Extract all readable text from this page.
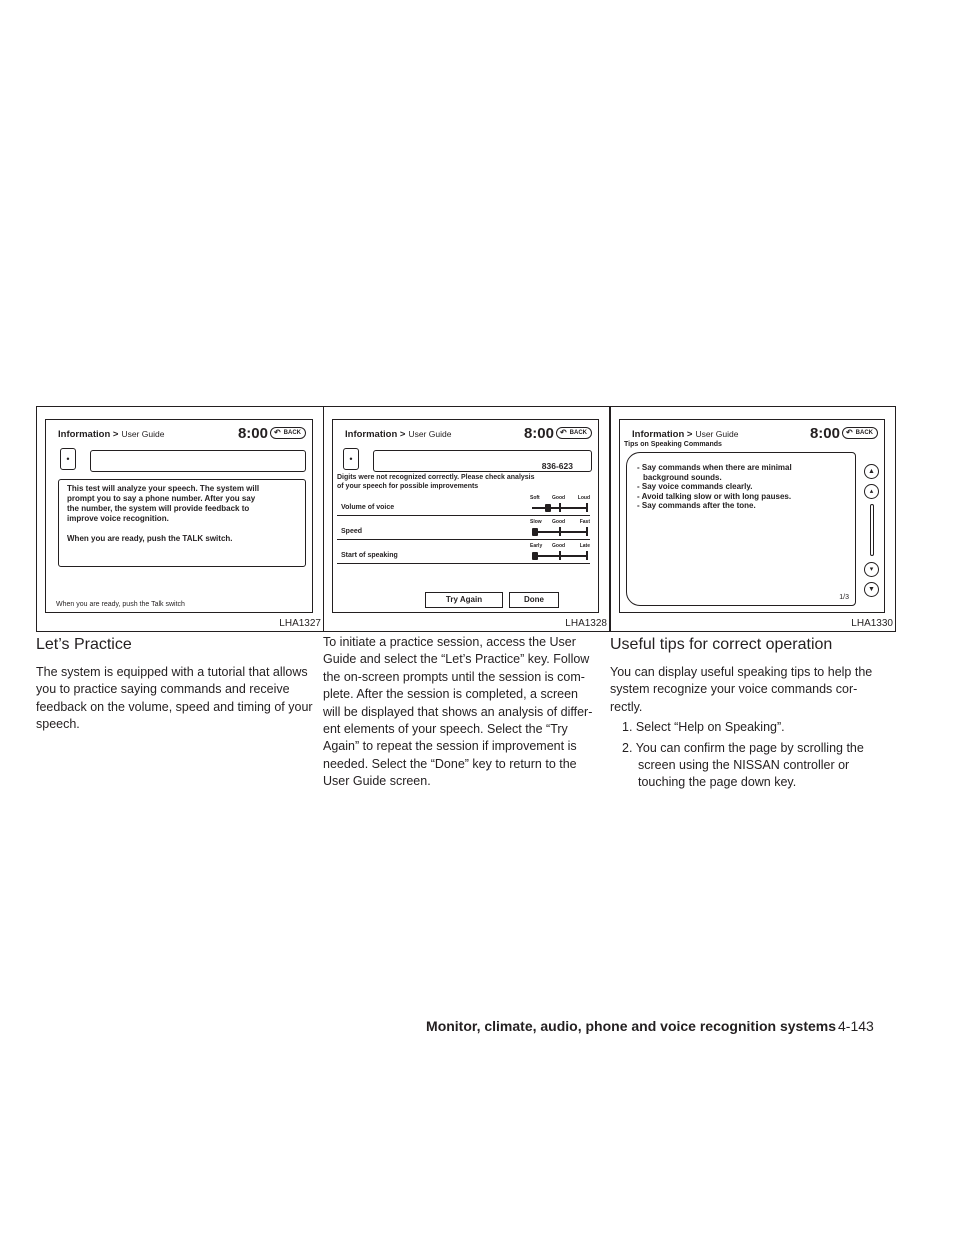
Information > User Guide	8:00 ↶ BACK
•
This test will analyze your speech. The system will
prompt you to say a phone number. After you say
the number, the system will provide feedback to
improve voice recognition.
When you are ready, push the TALK switch.
When you are ready, push the Talk switch
LHA1327
Information > User Guide	8:00 ↶ BACK
•
836-623
Digits were not recognized correctly. Please check analysis
of your speech for possible improvements
Volume of voice
Soft Good	Loud
Speed
Slow Good	Fast
Start of speaking
Early Good	Late
Try Again	Done
LHA1328
Information > User Guide	8:00 ↶ BACK
Tips on Speaking Commands
- Say commands when there are minimal
background sounds.
- Say voice commands clearly.
- Avoid talking slow or with long pauses.
- Say commands after the tone.
1/3
▲
▴
▾
▼
LHA1330
Let’s Practice
The system is equipped with a tutorial that allows
you to practice saying commands and receive
feedback on the volume, speed and timing of your
speech.
To initiate a practice session, access the User
Guide and select the “Let’s Practice” key. Follow
the on-screen prompts until the session is com-
plete. After the session is completed, a screen
will be displayed that shows an analysis of differ-
ent elements of your speech. Select the “Try
Again” to repeat the session if improvement is
needed. Select the “Done” key to return to the
User Guide screen.
Useful tips for correct operation
You can display useful speaking tips to help the
system recognize your voice commands cor-
rectly.
1. Select “Help on Speaking”.
2. You can confirm the page by scrolling the screen using the NISSAN controller or touching the page down key.
Monitor, climate, audio, phone and voice recognition systems 4-143
